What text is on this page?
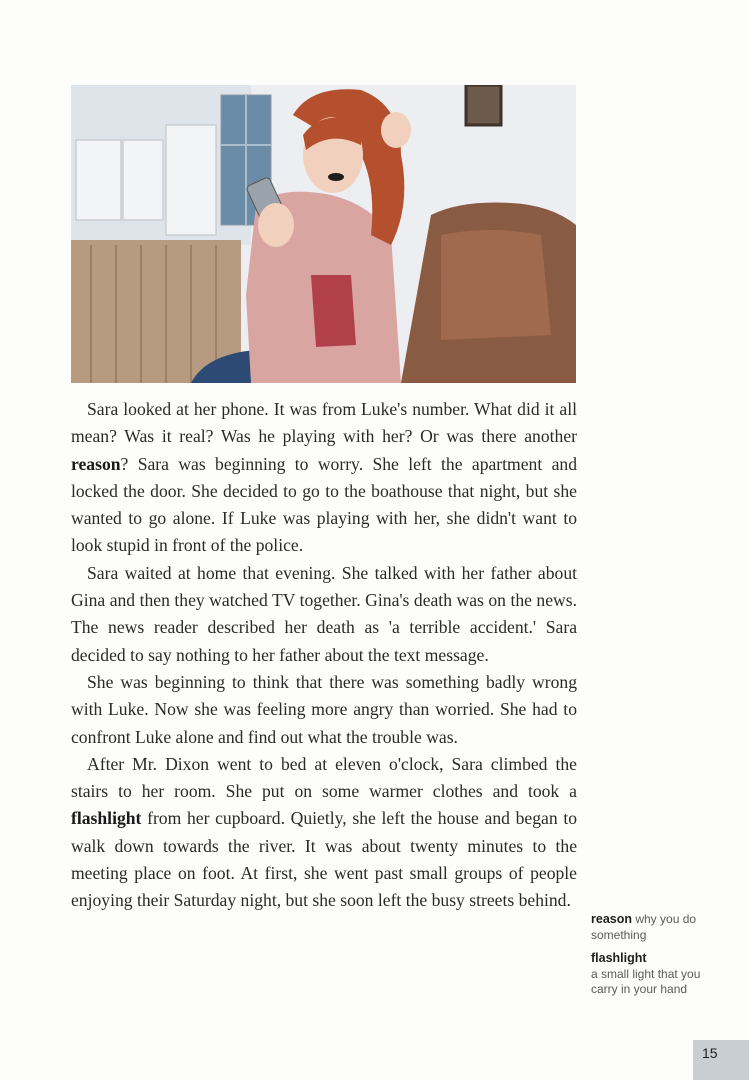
Sara looked at her phone. It was from Luke's number. What did it all mean? Was it real? Was he playing with her? Or was there another reason? Sara was beginning to worry. She left the apartment and locked the door. She decided to go to the boathouse that night, but she wanted to go alone. If Luke was playing with her, she didn't want to look stupid in front of the police.

Sara waited at home that evening. She talked with her father about Gina and then they watched TV together. Gina's death was on the news. The news reader described her death as 'a terrible accident.' Sara decided to say nothing to her father about the text message.

She was beginning to think that there was something badly wrong with Luke. Now she was feeling more angry than worried. She had to confront Luke alone and find out what the trouble was.

After Mr. Dixon went to bed at eleven o'clock, Sara climbed the stairs to her room. She put on some warmer clothes and took a flashlight from her cupboard. Quietly, she left the house and began to walk down towards the river. It was about twenty minutes to the meeting place on foot. At first, she went past small groups of people enjoying their Saturday night, but she soon left the busy streets behind.

reason why you do something
flashlight
a small light that you carry in your hand
15
